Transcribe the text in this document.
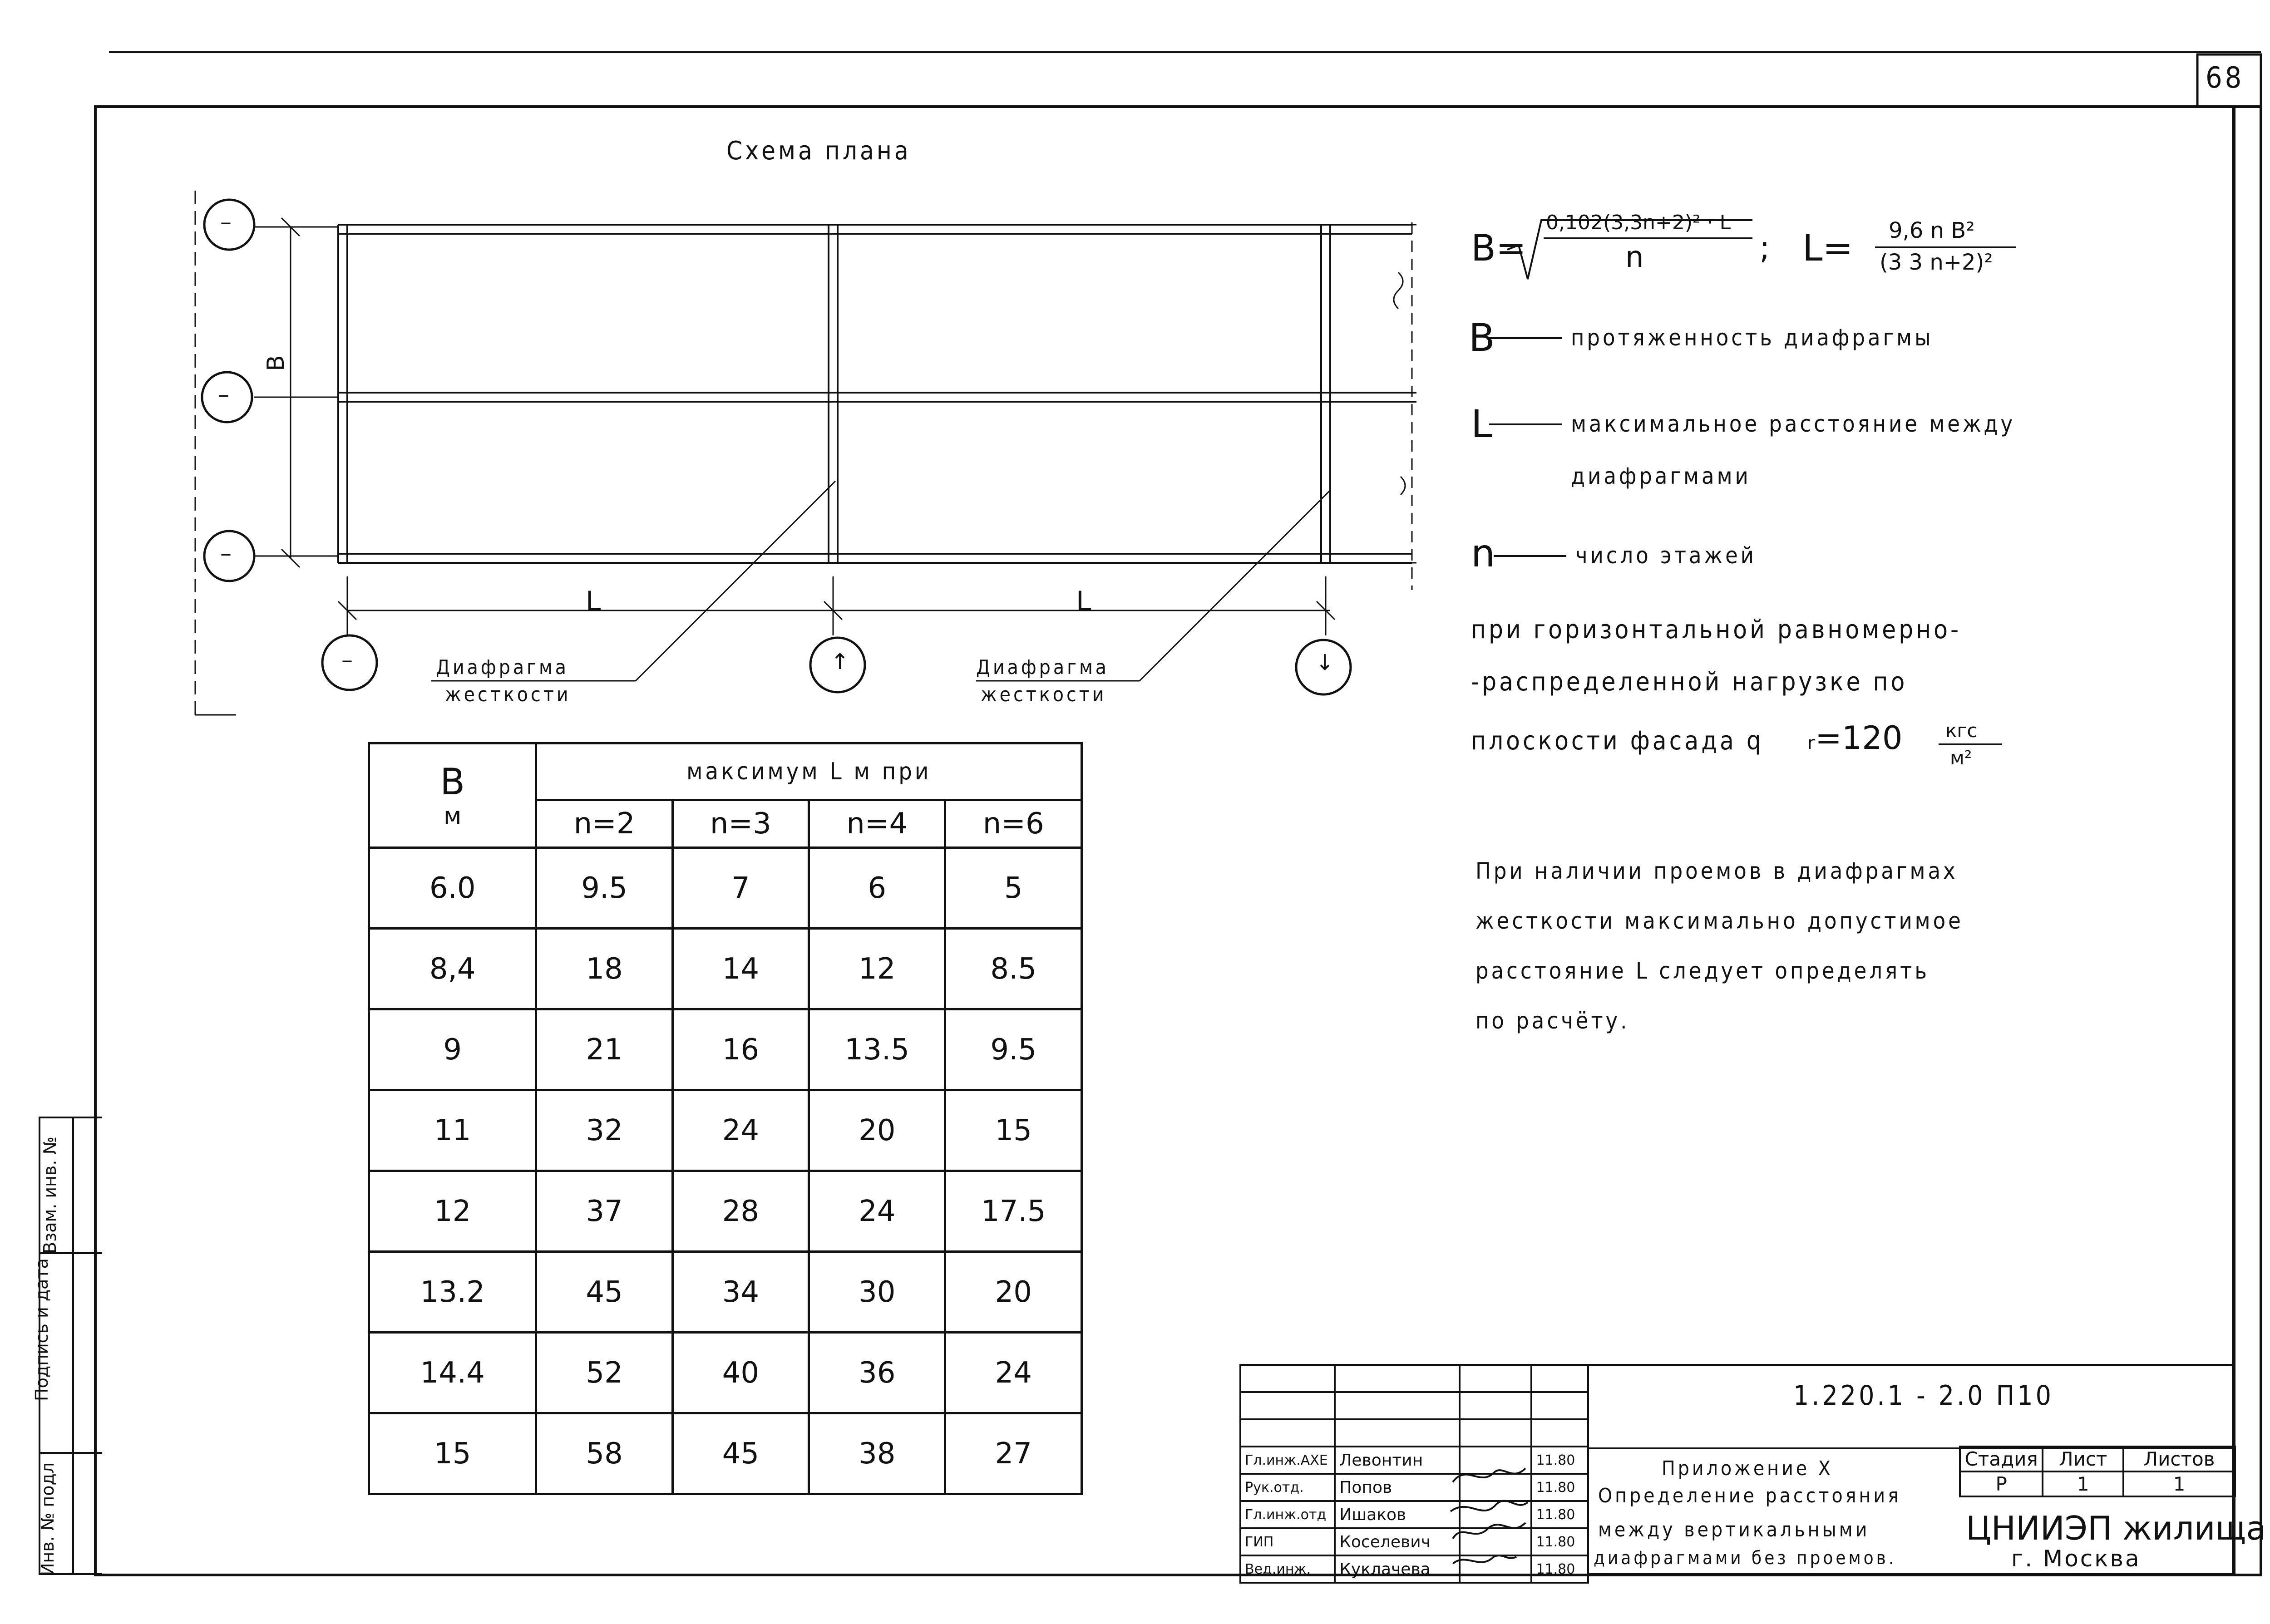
68
Схема плана
B
L	L
–
–
–
–	↑	↓
Диафрагма
жесткости
Диафрагма
жесткости
B=
0,102(3,3n+2)² · L
n	; L= 9,6 n B²
(3 3 n+2)²
B	протяженность диафрагмы
L	максимальное расстояние между
диафрагмами
n	число этажей
при горизонтальной равномерно-
-распределенной нагрузке по
плоскости фасада q ᵣ=120 кгс
м²
При наличии проемов в диафрагмах
жесткости максимально допустимое
расстояние L следует определять
по расчёту.
B
м	максимум L м при			
	n=2	n=3	n=4	n=6
6.0	9.5	7	6	5
8,4	18	14	12	8.5
9	21	16	13.5	9.5
11	32	24	20	15
12	37	28	24	17.5
13.2	45	34	30	20
14.4	52	40	36	24
15	58	45	38	27
Инв. № подл
Подпись и дата
Взам. инв. №

Гл.инж.АХЕ	Левонтин		11.80
Рук.отд.	Попов		11.80
Гл.инж.отд	Ишаков		11.80
ГИП	Коселевич		11.80
Вед.инж.	Куклачева		11.80
1.220.1 - 2.0 П10
Приложение X
Определение расстояния
между вертикальными
диафрагмами без проемов.
Стадия	Лист	Листов
Р	1	1
ЦНИИЭП жилища
г. Москва
